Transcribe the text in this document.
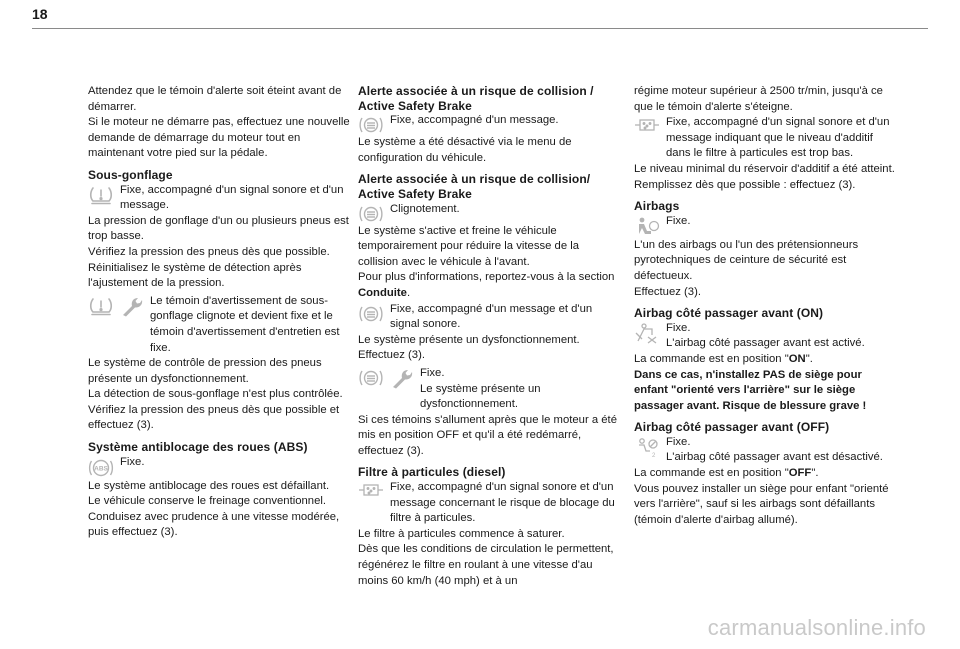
18

Attendez que le témoin d'alerte soit éteint avant de démarrer.

Si le moteur ne démarre pas, effectuez une nouvelle demande de démarrage du moteur tout en maintenant votre pied sur la pédale.

Sous-gonflage
Fixe, accompagné d'un signal sonore et d'un message.

La pression de gonflage d'un ou plusieurs pneus est trop basse.

Vérifiez la pression des pneus dès que possible.

Réinitialisez le système de détection après l'ajustement de la pression.

Le témoin d'avertissement de sous-gonflage clignote et devient fixe et le témoin d'avertissement d'entretien est fixe.

Le système de contrôle de pression des pneus présente un dysfonctionnement.

La détection de sous-gonflage n'est plus contrôlée.

Vérifiez la pression des pneus dès que possible et effectuez (3).

Système antiblocage des roues (ABS)
ABS
Fixe.

Le système antiblocage des roues est défaillant.

Le véhicule conserve le freinage conventionnel.

Conduisez avec prudence à une vitesse modérée, puis effectuez (3).

Alerte associée à un risque de collision / Active Safety Brake
Fixe, accompagné d'un message.

Le système a été désactivé via le menu de configuration du véhicule.

Alerte associée à un risque de collision/ Active Safety Brake
Clignotement.

Le système s'active et freine le véhicule temporairement pour réduire la vitesse de la collision avec le véhicule à l'avant.

Pour plus d'informations, reportez-vous à la section Conduite.

Fixe, accompagné d'un message et d'un signal sonore.

Le système présente un dysfonctionnement.

Effectuez (3).

Fixe.
Le système présente un dysfonctionnement.

Si ces témoins s'allument après que le moteur a été mis en position OFF et qu'il a été redémarré, effectuez (3).

Filtre à particules (diesel)
Fixe, accompagné d'un signal sonore et d'un message concernant le risque de blocage du filtre à particules.

Le filtre à particules commence à saturer.

Dès que les conditions de circulation le permettent, régénérez le filtre en roulant à une vitesse d'au moins 60 km/h (40 mph) et à un

régime moteur supérieur à 2500 tr/min, jusqu'à ce que le témoin d'alerte s'éteigne.

Fixe, accompagné d'un signal sonore et d'un message indiquant que le niveau d'additif dans le filtre à particules est trop bas.

Le niveau minimal du réservoir d'additif a été atteint.

Remplissez dès que possible : effectuez (3).

Airbags
Fixe.

L'un des airbags ou l'un des prétensionneurs pyrotechniques de ceinture de sécurité est défectueux.

Effectuez (3).

Airbag côté passager avant (ON)
Fixe.
L'airbag côté passager avant est activé.

La commande est en position "ON".

Dans ce cas, n'installez PAS de siège pour enfant "orienté vers l'arrière" sur le siège passager avant. Risque de blessure grave !

Airbag côté passager avant (OFF)
2
Fixe.
L'airbag côté passager avant est désactivé.

La commande est en position "OFF".

Vous pouvez installer un siège pour enfant "orienté vers l'arrière", sauf si les airbags sont défaillants (témoin d'alerte d'airbag allumé).

carmanualsonline.info
